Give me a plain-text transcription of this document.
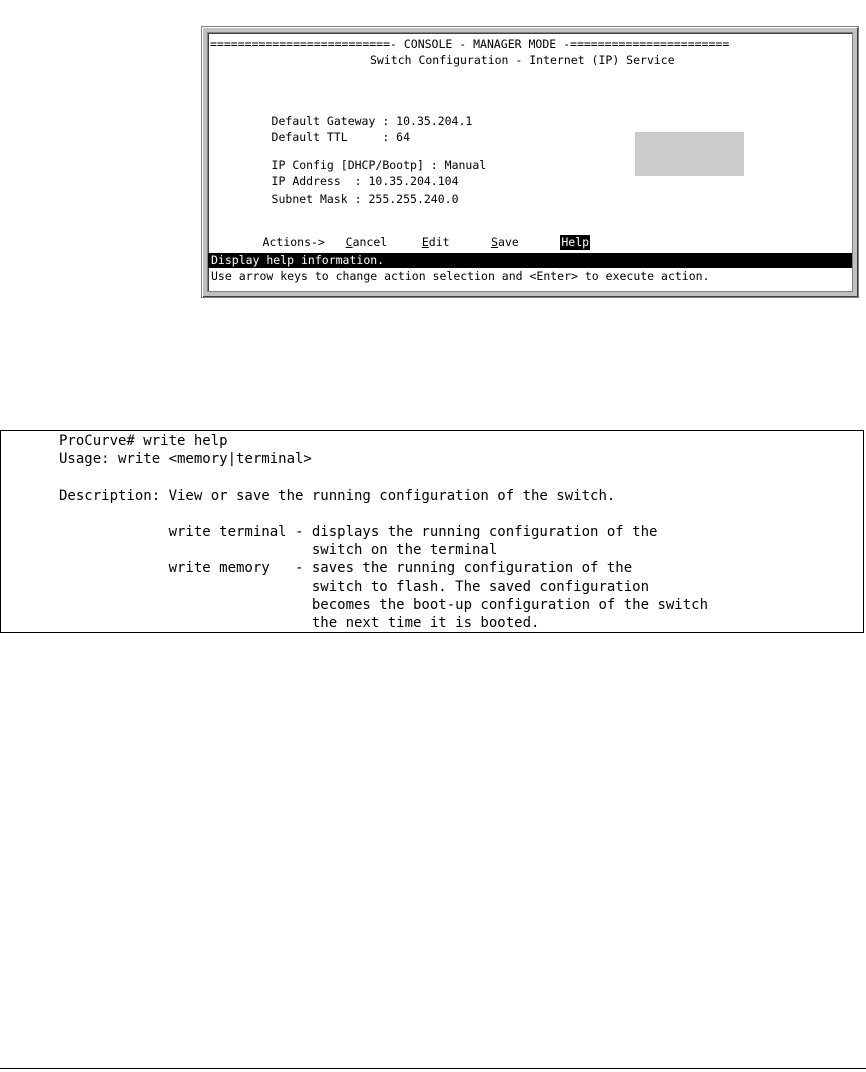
==========================- CONSOLE - MANAGER MODE -=======================
Switch Configuration - Internet (IP) Service

Default Gateway : 10.35.204.1

Default TTL     : 64

IP Config [DHCP/Bootp] : Manual

IP Address  : 10.35.204.104

Subnet Mask : 255.255.240.0

Actions-> Cancel	Edit	Save	Help

Display help information.
Use arrow keys to change action selection and <Enter> to execute action.
ProCurve# write help
Usage: write <memory|terminal>
Description: View or save the running configuration of the switch.
write terminal - displays the running configuration of the
switch on the terminal
write memory   - saves the running configuration of the
switch to flash. The saved configuration
becomes the boot-up configuration of the switch
the next time it is booted.
